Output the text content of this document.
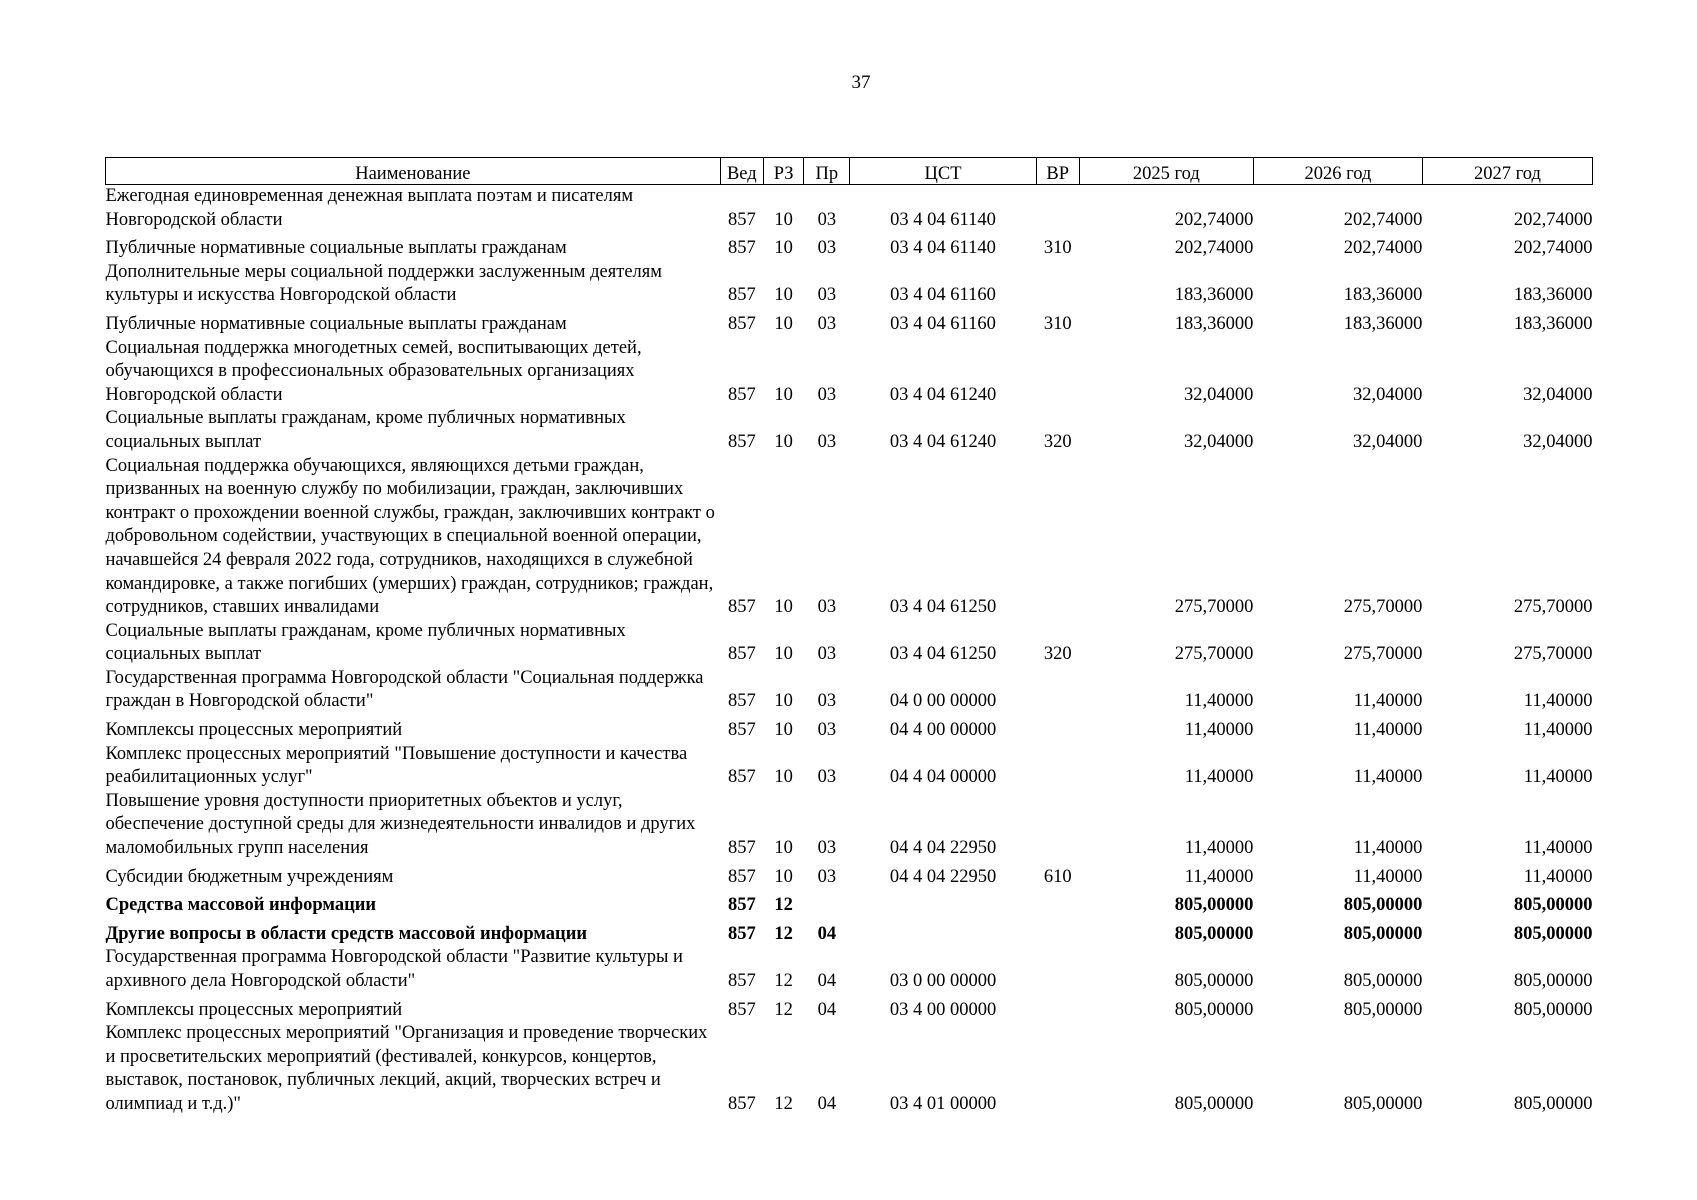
37
Наименование	Вед	РЗ	Пр	ЦСТ	ВР	2025 год	2026 год	2027 год
Ежегодная единовременная денежная выплата поэтам и писателям Новгородской области	857	10	03	03 4 04 61140		202,74000	202,74000	202,74000
Публичные нормативные социальные выплаты гражданам	857	10	03	03 4 04 61140	310	202,74000	202,74000	202,74000
Дополнительные меры социальной поддержки заслуженным деятелям культуры и искусства Новгородской области	857	10	03	03 4 04 61160		183,36000	183,36000	183,36000
Публичные нормативные социальные выплаты гражданам	857	10	03	03 4 04 61160	310	183,36000	183,36000	183,36000
Социальная поддержка многодетных семей, воспитывающих детей, обучающихся в профессиональных образовательных организациях Новгородской области	857	10	03	03 4 04 61240		32,04000	32,04000	32,04000
Социальные выплаты гражданам, кроме публичных нормативных социальных выплат	857	10	03	03 4 04 61240	320	32,04000	32,04000	32,04000
Социальная поддержка обучающихся, являющихся детьми граждан, призванных на военную службу по мобилизации, граждан, заключивших контракт о прохождении военной службы, граждан, заключивших контракт о добровольном содействии, участвующих в специальной военной операции, начавшейся 24 февраля 2022 года, сотрудников, находящихся в служебной командировке, а также погибших (умерших) граждан, сотрудников; граждан, сотрудников, ставших инвалидами	857	10	03	03 4 04 61250		275,70000	275,70000	275,70000
Социальные выплаты гражданам, кроме публичных нормативных социальных выплат	857	10	03	03 4 04 61250	320	275,70000	275,70000	275,70000
Государственная программа Новгородской области "Социальная поддержка граждан в Новгородской области"	857	10	03	04 0 00 00000		11,40000	11,40000	11,40000
Комплексы процессных мероприятий	857	10	03	04 4 00 00000		11,40000	11,40000	11,40000
Комплекс процессных мероприятий "Повышение доступности и качества реабилитационных услуг"	857	10	03	04 4 04 00000		11,40000	11,40000	11,40000
Повышение уровня доступности приоритетных объектов и услуг, обеспечение доступной среды для жизнедеятельности инвалидов и других маломобильных групп населения	857	10	03	04 4 04 22950		11,40000	11,40000	11,40000
Субсидии бюджетным учреждениям	857	10	03	04 4 04 22950	610	11,40000	11,40000	11,40000
Средства массовой информации	857	12				805,00000	805,00000	805,00000
Другие вопросы в области средств массовой информации	857	12	04			805,00000	805,00000	805,00000
Государственная программа Новгородской области "Развитие культуры и архивного дела Новгородской области"	857	12	04	03 0 00 00000		805,00000	805,00000	805,00000
Комплексы процессных мероприятий	857	12	04	03 4 00 00000		805,00000	805,00000	805,00000
Комплекс процессных мероприятий "Организация и проведение творческих и просветительских мероприятий (фестивалей, конкурсов, концертов, выставок, постановок, публичных лекций, акций, творческих встреч и олимпиад и т.д.)"	857	12	04	03 4 01 00000		805,00000	805,00000	805,00000
